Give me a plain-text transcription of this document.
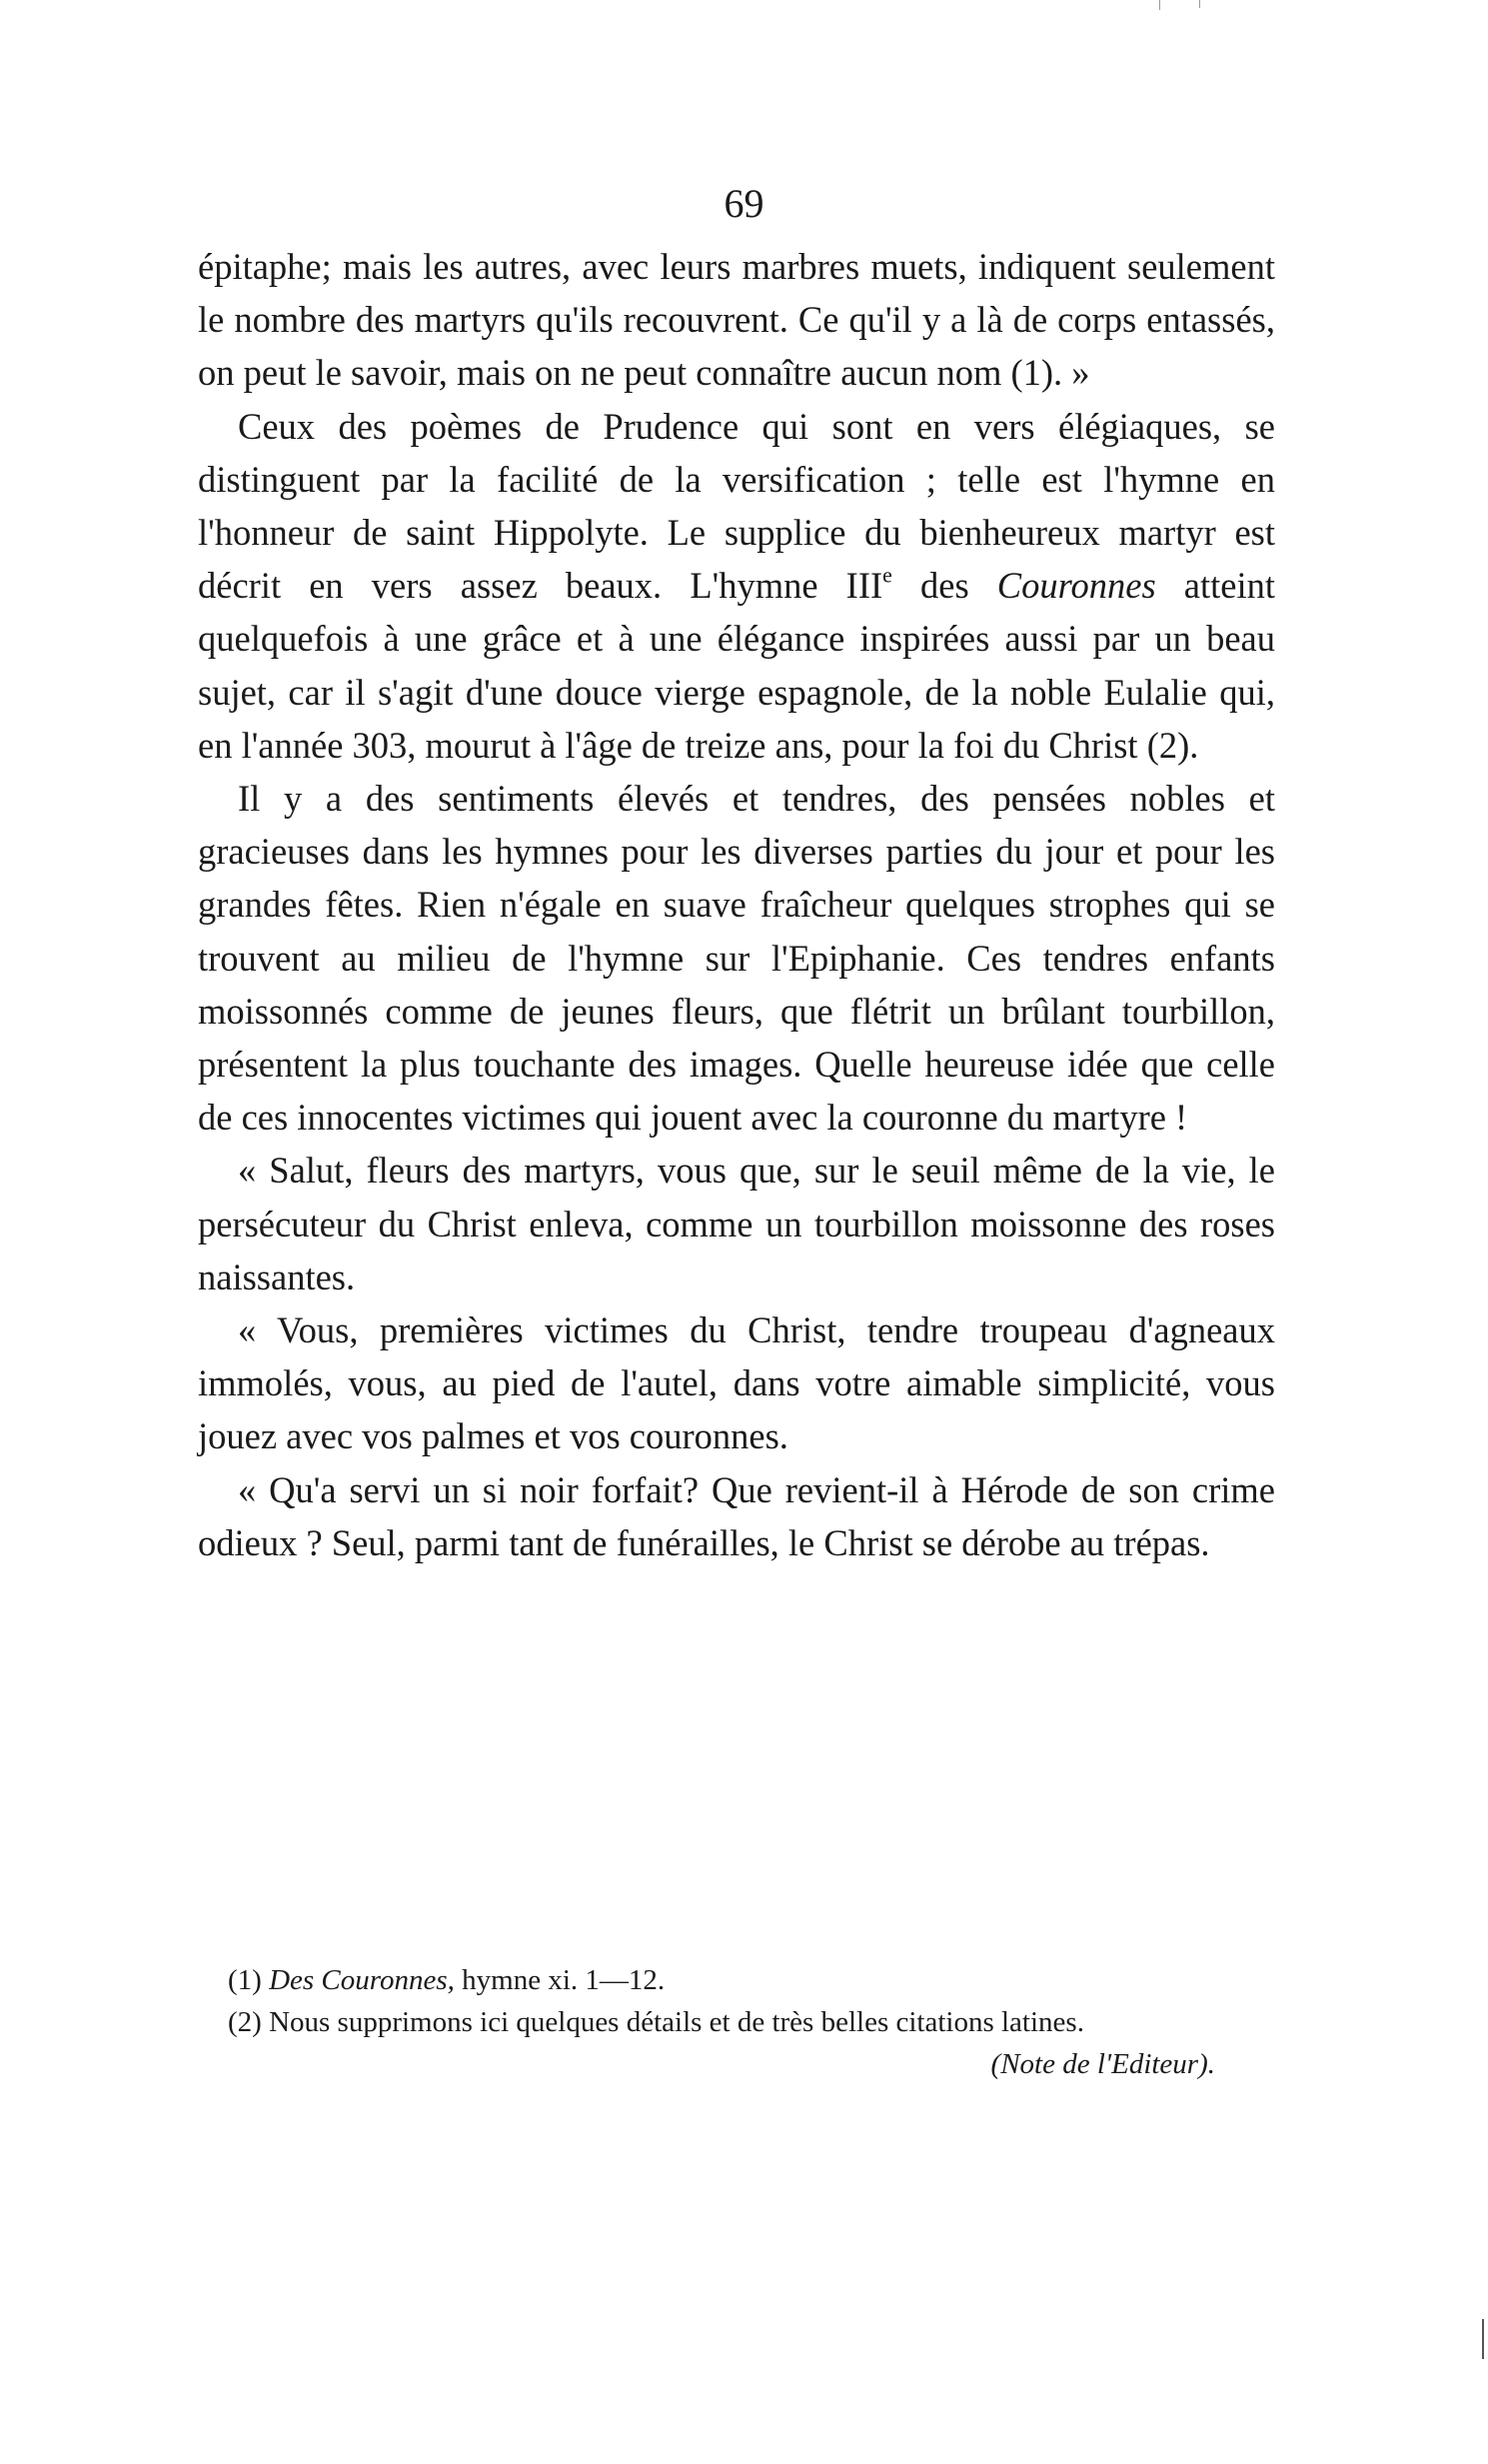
69

épitaphe; mais les autres, avec leurs marbres muets, indiquent seulement le nombre des martyrs qu'ils recouvrent. Ce qu'il y a là de corps entassés, on peut le savoir, mais on ne peut connaître aucun nom (1). »

Ceux des poèmes de Prudence qui sont en vers élégiaques, se distinguent par la facilité de la versification ; telle est l'hymne en l'honneur de saint Hippolyte. Le supplice du bienheureux martyr est décrit en vers assez beaux. L'hymne IIIe des Couronnes atteint quelquefois à une grâce et à une élégance inspirées aussi par un beau sujet, car il s'agit d'une douce vierge espagnole, de la noble Eulalie qui, en l'année 303, mourut à l'âge de treize ans, pour la foi du Christ (2).

Il y a des sentiments élevés et tendres, des pensées nobles et gracieuses dans les hymnes pour les diverses parties du jour et pour les grandes fêtes. Rien n'égale en suave fraîcheur quelques strophes qui se trouvent au milieu de l'hymne sur l'Epiphanie. Ces tendres enfants moissonnés comme de jeunes fleurs, que flétrit un brûlant tourbillon, présentent la plus touchante des images. Quelle heureuse idée que celle de ces innocentes victimes qui jouent avec la couronne du martyre !

« Salut, fleurs des martyrs, vous que, sur le seuil même de la vie, le persécuteur du Christ enleva, comme un tourbillon moissonne des roses naissantes.

« Vous, premières victimes du Christ, tendre troupeau d'agneaux immolés, vous, au pied de l'autel, dans votre aimable simplicité, vous jouez avec vos palmes et vos couronnes.

« Qu'a servi un si noir forfait? Que revient-il à Hérode de son crime odieux ? Seul, parmi tant de funérailles, le Christ se dérobe au trépas.

(1) Des Couronnes, hymne xi. 1—12.

(2) Nous supprimons ici quelques détails et de très belles citations latines.
(Note de l'Editeur).
